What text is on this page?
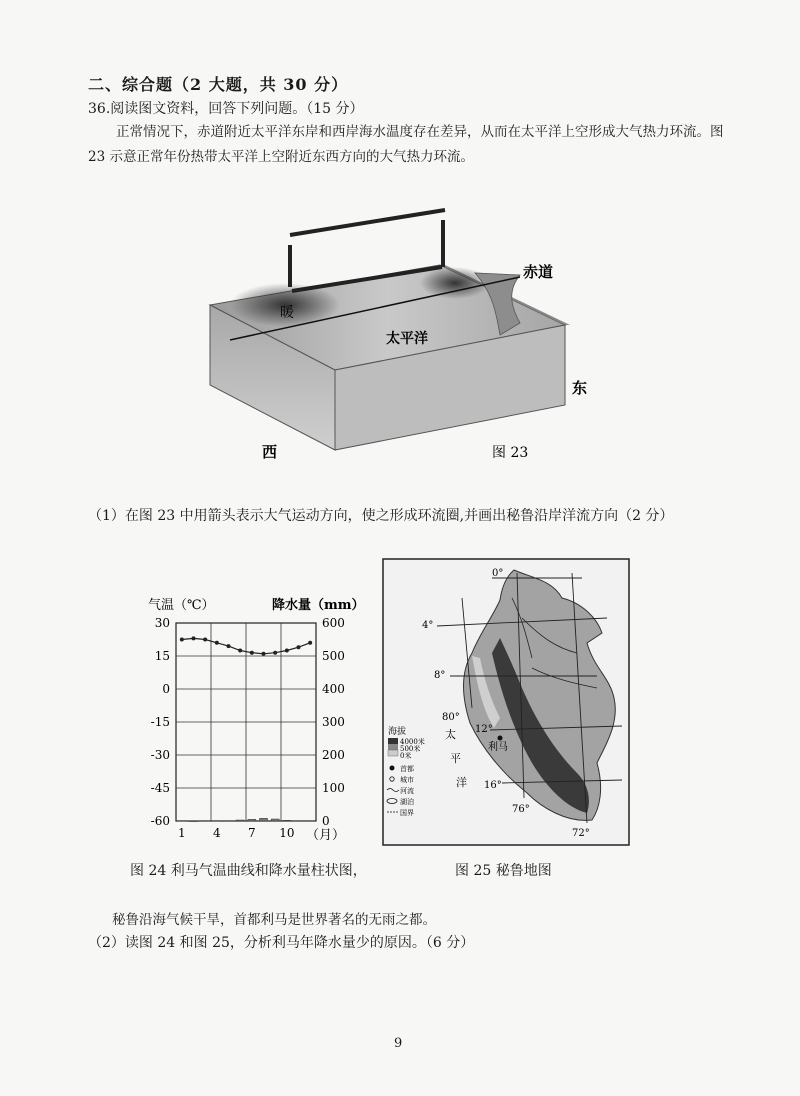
二、综合题（2 大题，共 30 分）
36.阅读图文资料，回答下列问题。（15 分）
正常情况下，赤道附近太平洋东岸和西岸海水温度存在差异，从而在太平洋上空形成大气热力环流。图 23 示意正常年份热带太平洋上空附近东西方向的大气热力环流。
赤道
暖
太平洋
东
西	图 23
（1）在图 23 中用箭头表示大气运动方向，使之形成环流圈,并画出秘鲁沿岸洋流方向（2 分）
气温（℃）	降水量（mm）
30
15
0
-15
-30
-45
-60
600
500
400
300
200
100
0
1 4 7 10 （月）
0°
4°
8°
80°
12°
16°
76°
72°
太
平
洋
利马
海拔
4000米
500米
0米
首都
城市
河流
湖泊
国界
图 24 利马气温曲线和降水量柱状图，	图 25 秘鲁地图
秘鲁沿海气候干旱，首都利马是世界著名的无雨之都。
（2）读图 24 和图 25，分析利马年降水量少的原因。（6 分）
9
